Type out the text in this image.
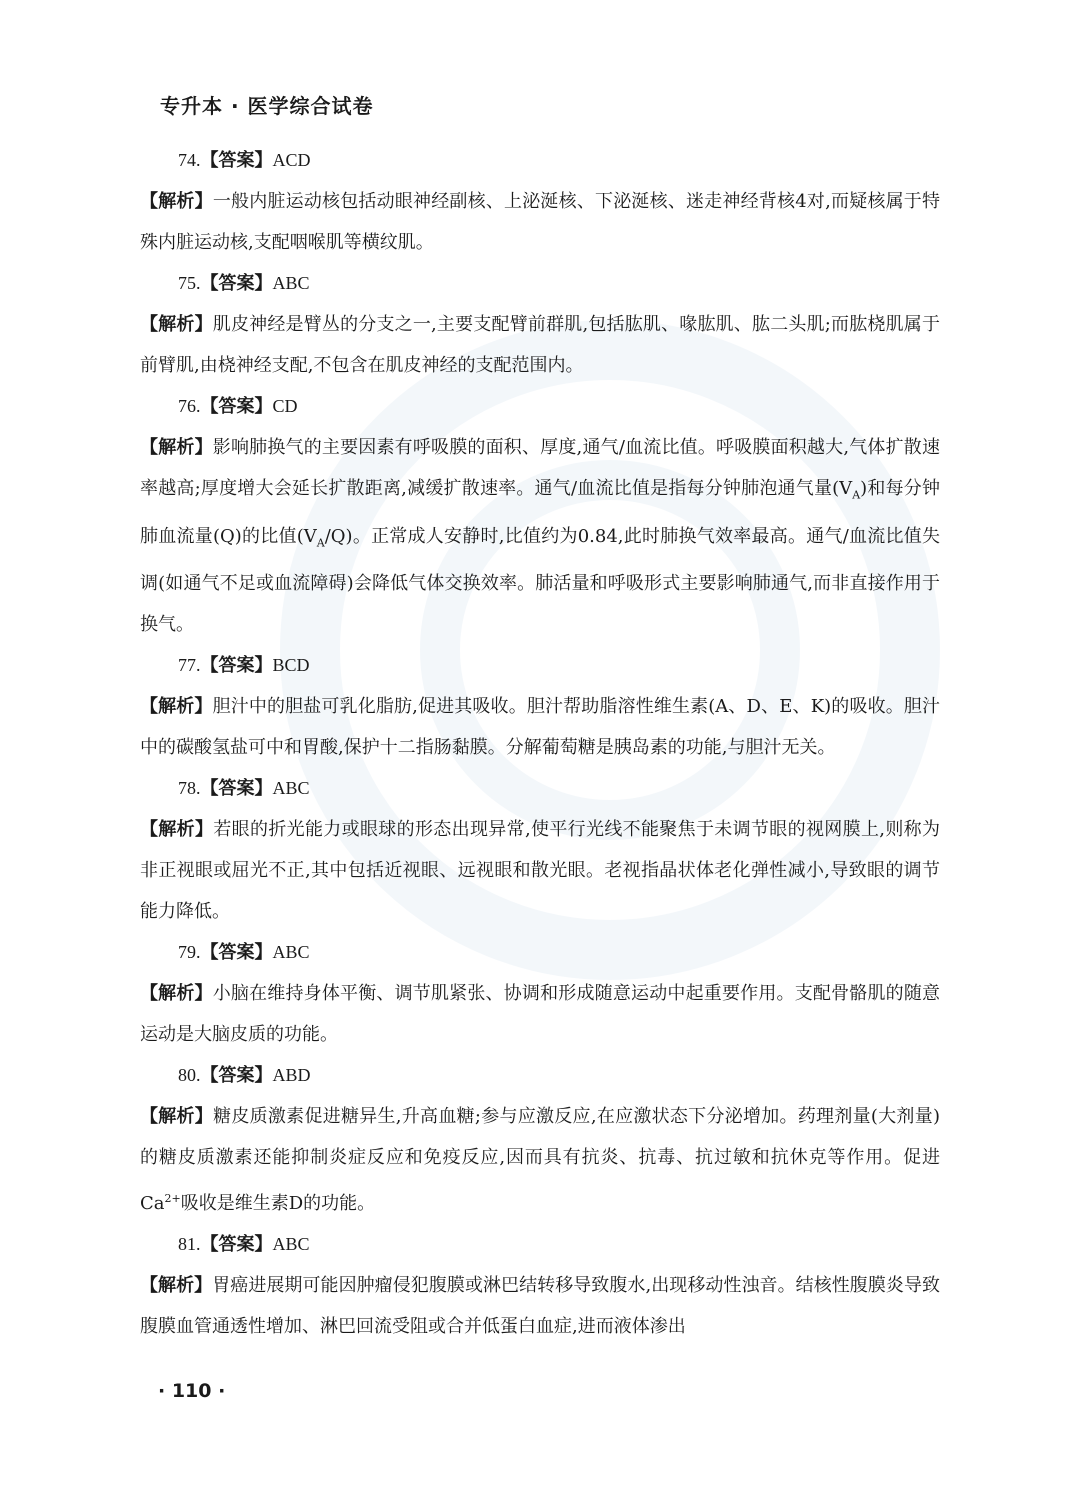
专升本 · 医学综合试卷
74.【答案】ACD
【解析】一般内脏运动核包括动眼神经副核、上泌涎核、下泌涎核、迷走神经背核4对,而疑核属于特殊内脏运动核,支配咽喉肌等横纹肌。
75.【答案】ABC
【解析】肌皮神经是臂丛的分支之一,主要支配臂前群肌,包括肱肌、喙肱肌、肱二头肌;而肱桡肌属于前臂肌,由桡神经支配,不包含在肌皮神经的支配范围内。
76.【答案】CD
【解析】影响肺换气的主要因素有呼吸膜的面积、厚度,通气/血流比值。呼吸膜面积越大,气体扩散速率越高;厚度增大会延长扩散距离,减缓扩散速率。通气/血流比值是指每分钟肺泡通气量$(V_A)$和每分钟肺血流量(Q)的比值$(V_A/Q)$。正常成人安静时,比值约为0.84,此时肺换气效率最高。通气/血流比值失调(如通气不足或血流障碍)会降低气体交换效率。肺活量和呼吸形式主要影响肺通气,而非直接作用于换气。
77.【答案】BCD
【解析】胆汁中的胆盐可乳化脂肪,促进其吸收。胆汁帮助脂溶性维生素(A、D、E、K)的吸收。胆汁中的碳酸氢盐可中和胃酸,保护十二指肠黏膜。分解葡萄糖是胰岛素的功能,与胆汁无关。
78.【答案】ABC
【解析】若眼的折光能力或眼球的形态出现异常,使平行光线不能聚焦于未调节眼的视网膜上,则称为非正视眼或屈光不正,其中包括近视眼、远视眼和散光眼。老视指晶状体老化弹性减小,导致眼的调节能力降低。
79.【答案】ABC
【解析】小脑在维持身体平衡、调节肌紧张、协调和形成随意运动中起重要作用。支配骨骼肌的随意运动是大脑皮质的功能。
80.【答案】ABD
【解析】糖皮质激素促进糖异生,升高血糖;参与应激反应,在应激状态下分泌增加。药理剂量(大剂量)的糖皮质激素还能抑制炎症反应和免疫反应,因而具有抗炎、抗毒、抗过敏和抗休克等作用。促进$Ca^{2+}$吸收是维生素D的功能。
81.【答案】ABC
【解析】胃癌进展期可能因肿瘤侵犯腹膜或淋巴结转移导致腹水,出现移动性浊音。结核性腹膜炎导致腹膜血管通透性增加、淋巴回流受阻或合并低蛋白血症,进而液体渗出
· 110 ·
